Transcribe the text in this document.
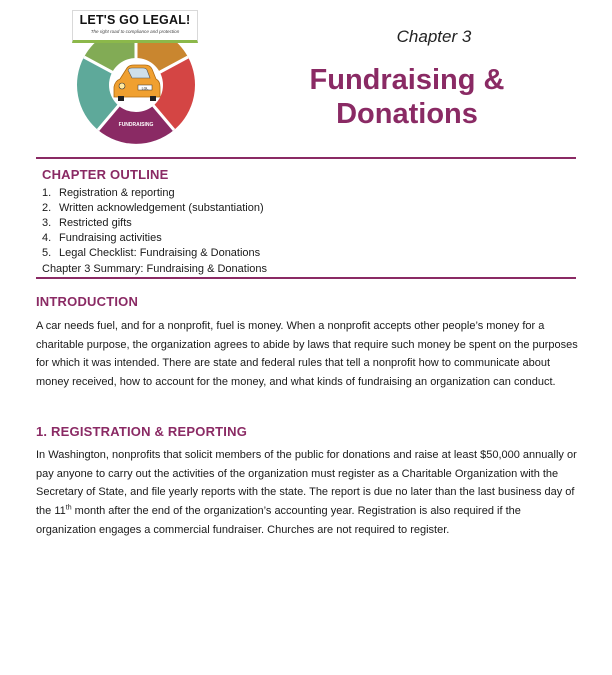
LET'S GO LEGAL!
The right road to compliance and protection
LGL
FUNDRAISING
Chapter 3
Fundraising &
Donations
CHAPTER OUTLINE
1. Registration & reporting
2. Written acknowledgement (substantiation)
3. Restricted gifts
4. Fundraising activities
5. Legal Checklist: Fundraising & Donations
Chapter 3 Summary: Fundraising & Donations
INTRODUCTION
A car needs fuel, and for a nonprofit, fuel is money. When a nonprofit accepts other people’s money for a charitable purpose, the organization agrees to abide by laws that require such money be spent on the purposes for which it was intended. There are state and federal rules that tell a nonprofit how to communicate about money received, how to account for the money, and what kinds of fundraising an organization can conduct.
1. REGISTRATION & REPORTING
In Washington, nonprofits that solicit members of the public for donations and raise at least $50,000 annually or pay anyone to carry out the activities of the organization must register as a Charitable Organization with the Secretary of State, and file yearly reports with the state. The report is due no later than the last business day of the 11th month after the end of the organization’s accounting year. Registration is also required if the organization engages a commercial fundraiser. Churches are not required to register.
